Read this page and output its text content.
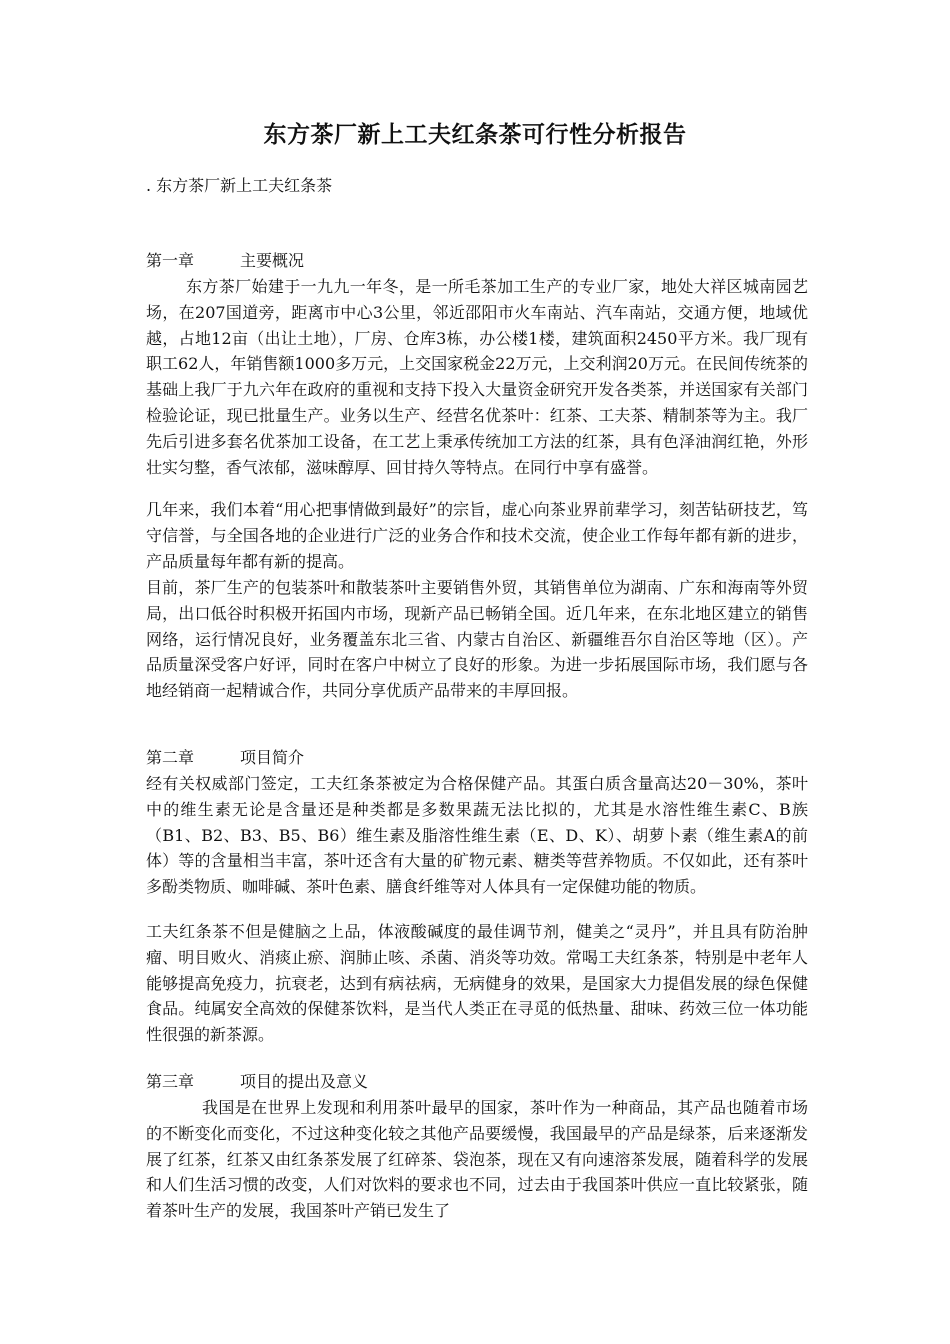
东方茶厂新上工夫红条茶可行性分析报告
. 东方茶厂新上工夫红条茶
第一章	主要概况

东方茶厂始建于一九九一年冬，是一所毛茶加工生产的专业厂家，地处大祥区城南园艺场，在207国道旁，距离市中心3公里，邻近邵阳市火车南站、汽车南站，交通方便，地域优越，占地12亩（出让土地），厂房、仓库3栋，办公楼1楼，建筑面积2450平方米。我厂现有职工62人，年销售额1000多万元，上交国家税金22万元，上交利润20万元。在民间传统茶的基础上我厂于九六年在政府的重视和支持下投入大量资金研究开发各类茶，并送国家有关部门检验论证，现已批量生产。业务以生产、经营名优茶叶：红茶、工夫茶、精制茶等为主。我厂先后引进多套名优茶加工设备，在工艺上秉承传统加工方法的红茶，具有色泽油润红艳，外形壮实匀整，香气浓郁，滋味醇厚、回甘持久等特点。在同行中享有盛誉。

几年来，我们本着“用心把事情做到最好”的宗旨，虚心向茶业界前辈学习，刻苦钻研技艺，笃守信誉，与全国各地的企业进行广泛的业务合作和技术交流，使企业工作每年都有新的进步，产品质量每年都有新的提高。

目前，茶厂生产的包装茶叶和散装茶叶主要销售外贸，其销售单位为湖南、广东和海南等外贸局，出口低谷时积极开拓国内市场，现新产品已畅销全国。近几年来，在东北地区建立的销售网络，运行情况良好，业务覆盖东北三省、内蒙古自治区、新疆维吾尔自治区等地（区）。产品质量深受客户好评，同时在客户中树立了良好的形象。为进一步拓展国际市场，我们愿与各地经销商一起精诚合作，共同分享优质产品带来的丰厚回报。

第二章	项目简介

经有关权威部门签定，工夫红条茶被定为合格保健产品。其蛋白质含量高达20－30%，茶叶中的维生素无论是含量还是种类都是多数果蔬无法比拟的，尤其是水溶性维生素C、B族（B1、B2、B3、B5、B6）维生素及脂溶性维生素（E、D、K）、胡萝卜素（维生素A的前体）等的含量相当丰富，茶叶还含有大量的矿物元素、糖类等营养物质。不仅如此，还有茶叶多酚类物质、咖啡碱、茶叶色素、膳食纤维等对人体具有一定保健功能的物质。

工夫红条茶不但是健脑之上品，体液酸碱度的最佳调节剂，健美之“灵丹”，并且具有防治肿瘤、明目败火、消痰止瘀、润肺止咳、杀菌、消炎等功效。常喝工夫红条茶，特别是中老年人能够提高免疫力，抗衰老，达到有病祛病，无病健身的效果，是国家大力提倡发展的绿色保健食品。纯属安全高效的保健茶饮料，是当代人类正在寻觅的低热量、甜味、药效三位一体功能性很强的新茶源。

第三章	项目的提出及意义

我国是在世界上发现和利用茶叶最早的国家，茶叶作为一种商品，其产品也随着市场的不断变化而变化，不过这种变化较之其他产品要缓慢，我国最早的产品是绿茶，后来逐渐发展了红茶，红茶又由红条茶发展了红碎茶、袋泡茶，现在又有向速溶茶发展，随着科学的发展和人们生活习惯的改变，人们对饮料的要求也不同，过去由于我国茶叶供应一直比较紧张，随着茶叶生产的发展，我国茶叶产销已发生了
